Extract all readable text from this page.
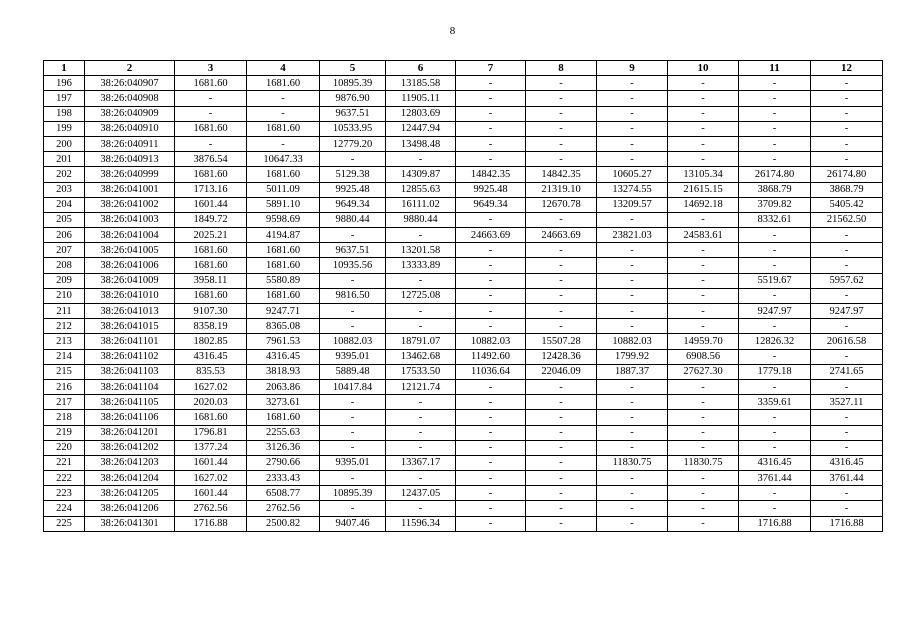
8
1	2	3	4	5	6	7	8	9	10	11	12
196	38:26:040907	1681.60	1681.60	10895.39	13185.58	-	-	-	-	-	-
197	38:26:040908	-	-	9876.90	11905.11	-	-	-	-	-	-
198	38:26:040909	-	-	9637.51	12803.69	-	-	-	-	-	-
199	38:26:040910	1681.60	1681.60	10533.95	12447.94	-	-	-	-	-	-
200	38:26:040911	-	-	12779.20	13498.48	-	-	-	-	-	-
201	38:26:040913	3876.54	10647.33	-	-	-	-	-	-	-	-
202	38:26:040999	1681.60	1681.60	5129.38	14309.87	14842.35	14842.35	10605.27	13105.34	26174.80	26174.80
203	38:26:041001	1713.16	5011.09	9925.48	12855.63	9925.48	21319.10	13274.55	21615.15	3868.79	3868.79
204	38:26:041002	1601.44	5891.10	9649.34	16111.02	9649.34	12670.78	13209.57	14692.18	3709.82	5405.42
205	38:26:041003	1849.72	9598.69	9880.44	9880.44	-	-	-	-	8332.61	21562.50
206	38:26:041004	2025.21	4194.87	-	-	24663.69	24663.69	23821.03	24583.61	-	-
207	38:26:041005	1681.60	1681.60	9637.51	13201.58	-	-	-	-	-	-
208	38:26:041006	1681.60	1681.60	10935.56	13333.89	-	-	-	-	-	-
209	38:26:041009	3958.11	5580.89	-	-	-	-	-	-	5519.67	5957.62
210	38:26:041010	1681.60	1681.60	9816.50	12725.08	-	-	-	-	-	-
211	38:26:041013	9107.30	9247.71	-	-	-	-	-	-	9247.97	9247.97
212	38:26:041015	8358.19	8365.08	-	-	-	-	-	-	-	-
213	38:26:041101	1802.85	7961.53	10882.03	18791.07	10882.03	15507.28	10882.03	14959.70	12826.32	20616.58
214	38:26:041102	4316.45	4316.45	9395.01	13462.68	11492.60	12428.36	1799.92	6908.56	-	-
215	38:26:041103	835.53	3818.93	5889.48	17533.50	11036.64	22046.09	1887.37	27627.30	1779.18	2741.65
216	38:26:041104	1627.02	2063.86	10417.84	12121.74	-	-	-	-	-	-
217	38:26:041105	2020.03	3273.61	-	-	-	-	-	-	3359.61	3527.11
218	38:26:041106	1681.60	1681.60	-	-	-	-	-	-	-	-
219	38:26:041201	1796.81	2255.63	-	-	-	-	-	-	-	-
220	38:26:041202	1377.24	3126.36	-	-	-	-	-	-	-	-
221	38:26:041203	1601.44	2790.66	9395.01	13367.17	-	-	11830.75	11830.75	4316.45	4316.45
222	38:26:041204	1627.02	2333.43	-	-	-	-	-	-	3761.44	3761.44
223	38:26:041205	1601.44	6508.77	10895.39	12437.05	-	-	-	-	-	-
224	38:26:041206	2762.56	2762.56	-	-	-	-	-	-	-	-
225	38:26:041301	1716.88	2500.82	9407.46	11596.34	-	-	-	-	1716.88	1716.88
